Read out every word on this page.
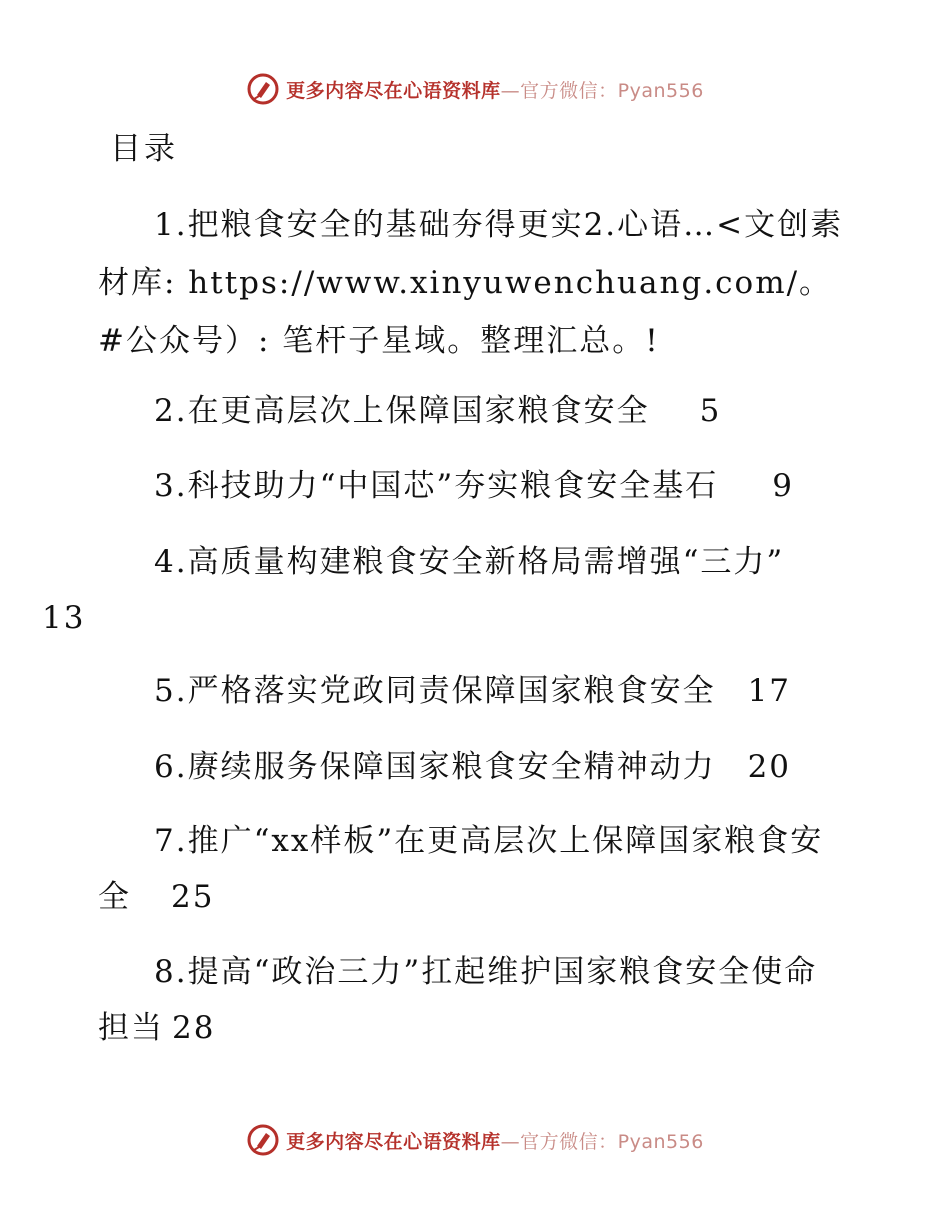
更多内容尽在心语资料库—官方微信：Pyan556
目录
1.把粮食安全的基础夯得更实2.心语…<文创素材库: https://www.xinyuwenchuang.com/。#公众号）: 笔杆子星域。整理汇总。!
2.在更高层次上保障国家粮食安全 5
3.科技助力“中国芯”夯实粮食安全基石 9
4.高质量构建粮食安全新格局需增强“三力”
13
5.严格落实党政同责保障国家粮食安全 17
6.赓续服务保障国家粮食安全精神动力 20
7.推广“xx样板”在更高层次上保障国家粮食安全 25
8.提高“政治三力”扛起维护国家粮食安全使命担当 28
更多内容尽在心语资料库—官方微信：Pyan556
